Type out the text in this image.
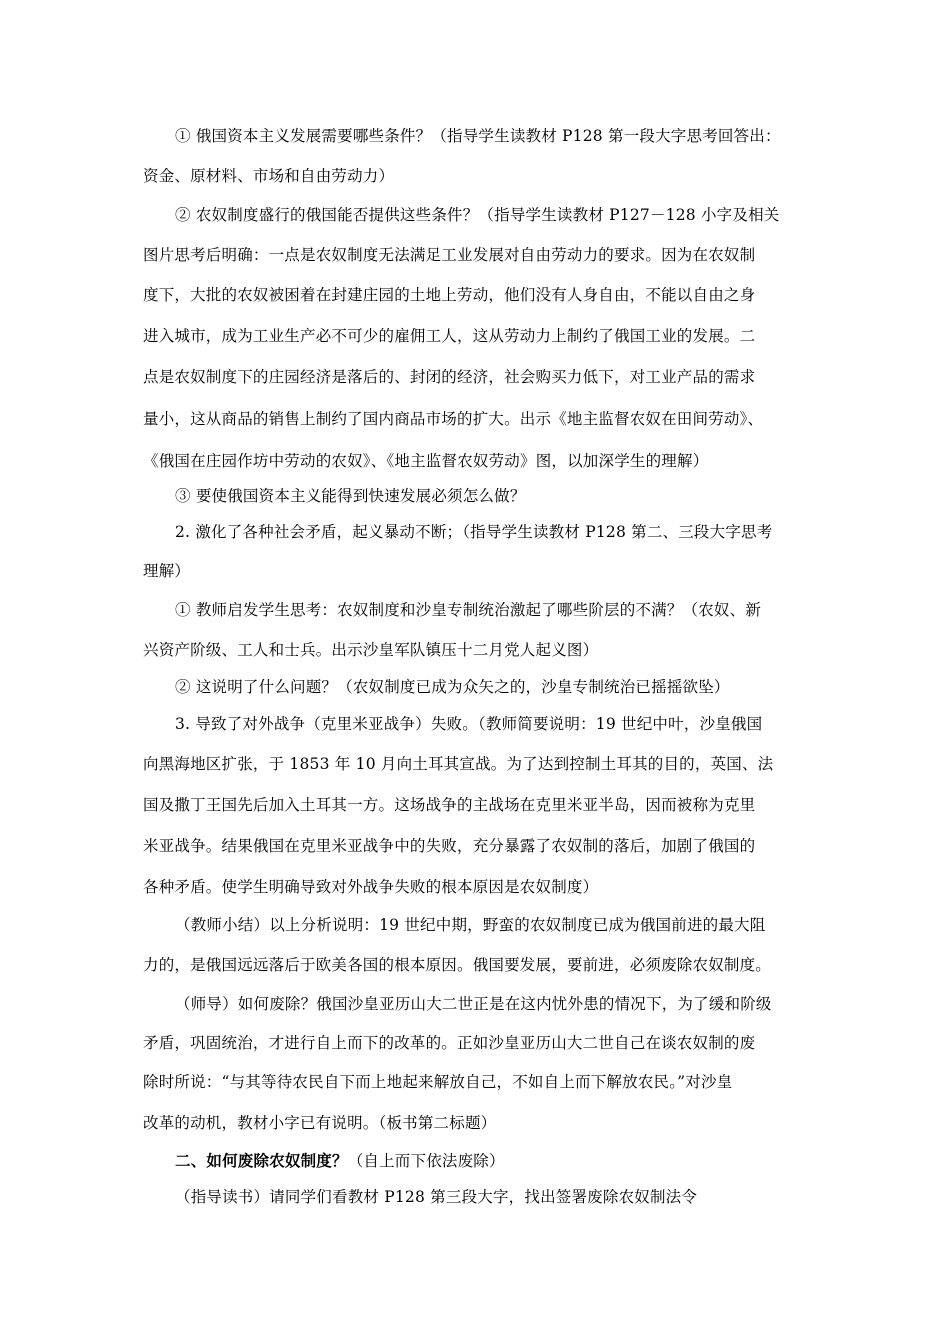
① 俄国资本主义发展需要哪些条件？（指导学生读教材 P128 第一段大字思考回答出：
资金、原材料、市场和自由劳动力）
② 农奴制度盛行的俄国能否提供这些条件？（指导学生读教材 P127－128 小字及相关
图片思考后明确：一点是农奴制度无法满足工业发展对自由劳动力的要求。因为在农奴制
度下，大批的农奴被困着在封建庄园的土地上劳动，他们没有人身自由，不能以自由之身
进入城市，成为工业生产必不可少的雇佣工人，这从劳动力上制约了俄国工业的发展。二
点是农奴制度下的庄园经济是落后的、封闭的经济，社会购买力低下，对工业产品的需求
量小，这从商品的销售上制约了国内商品市场的扩大。出示《地主监督农奴在田间劳动》、
《俄国在庄园作坊中劳动的农奴》、《地主监督农奴劳动》图，以加深学生的理解）
③ 要使俄国资本主义能得到快速发展必须怎么做？
2. 激化了各种社会矛盾，起义暴动不断；（指导学生读教材 P128 第二、三段大字思考
理解）
① 教师启发学生思考：农奴制度和沙皇专制统治激起了哪些阶层的不满？（农奴、新
兴资产阶级、工人和士兵。出示沙皇军队镇压十二月党人起义图）
② 这说明了什么问题？（农奴制度已成为众矢之的，沙皇专制统治已摇摇欲坠）
3. 导致了对外战争（克里米亚战争）失败。（教师简要说明：19 世纪中叶，沙皇俄国
向黑海地区扩张，于 1853 年 10 月向土耳其宣战。为了达到控制土耳其的目的，英国、法
国及撒丁王国先后加入土耳其一方。这场战争的主战场在克里米亚半岛，因而被称为克里
米亚战争。结果俄国在克里米亚战争中的失败，充分暴露了农奴制的落后，加剧了俄国的
各种矛盾。使学生明确导致对外战争失败的根本原因是农奴制度）
（教师小结）以上分析说明：19 世纪中期，野蛮的农奴制度已成为俄国前进的最大阻
力的，是俄国远远落后于欧美各国的根本原因。俄国要发展，要前进，必须废除农奴制度。
（师导）如何废除？俄国沙皇亚历山大二世正是在这内忧外患的情况下，为了缓和阶级
矛盾，巩固统治，才进行自上而下的改革的。正如沙皇亚历山大二世自己在谈农奴制的废
除时所说：“与其等待农民自下而上地起来解放自己，不如自上而下解放农民。”对沙皇
改革的动机，教材小字已有说明。（板书第二标题）
二、如何废除农奴制度？（自上而下依法废除）
（指导读书）请同学们看教材 P128 第三段大字，找出签署废除农奴制法令
